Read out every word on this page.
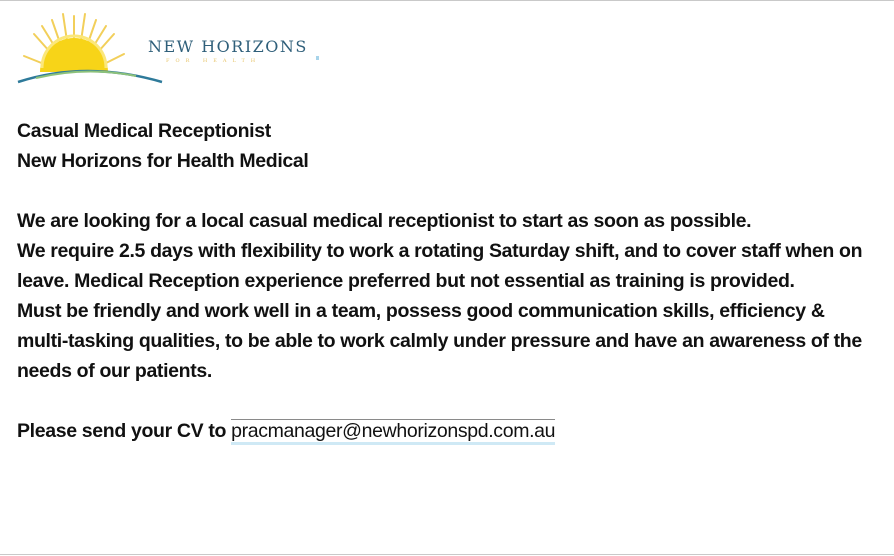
NEW HORIZONS
FOR HEALTH

Casual Medical Receptionist

New Horizons for Health Medical

We are looking for a local casual medical receptionist to start as soon as possible.

We require 2.5 days with flexibility to work a rotating Saturday shift, and to cover staff when on leave. Medical Reception experience preferred but not essential as training is provided.

Must be friendly and work well in a team, possess good communication skills, efficiency & multi-tasking qualities, to be able to work calmly under pressure and have an awareness of the needs of our patients.

Please send your CV to pracmanager@newhorizonspd.com.au
